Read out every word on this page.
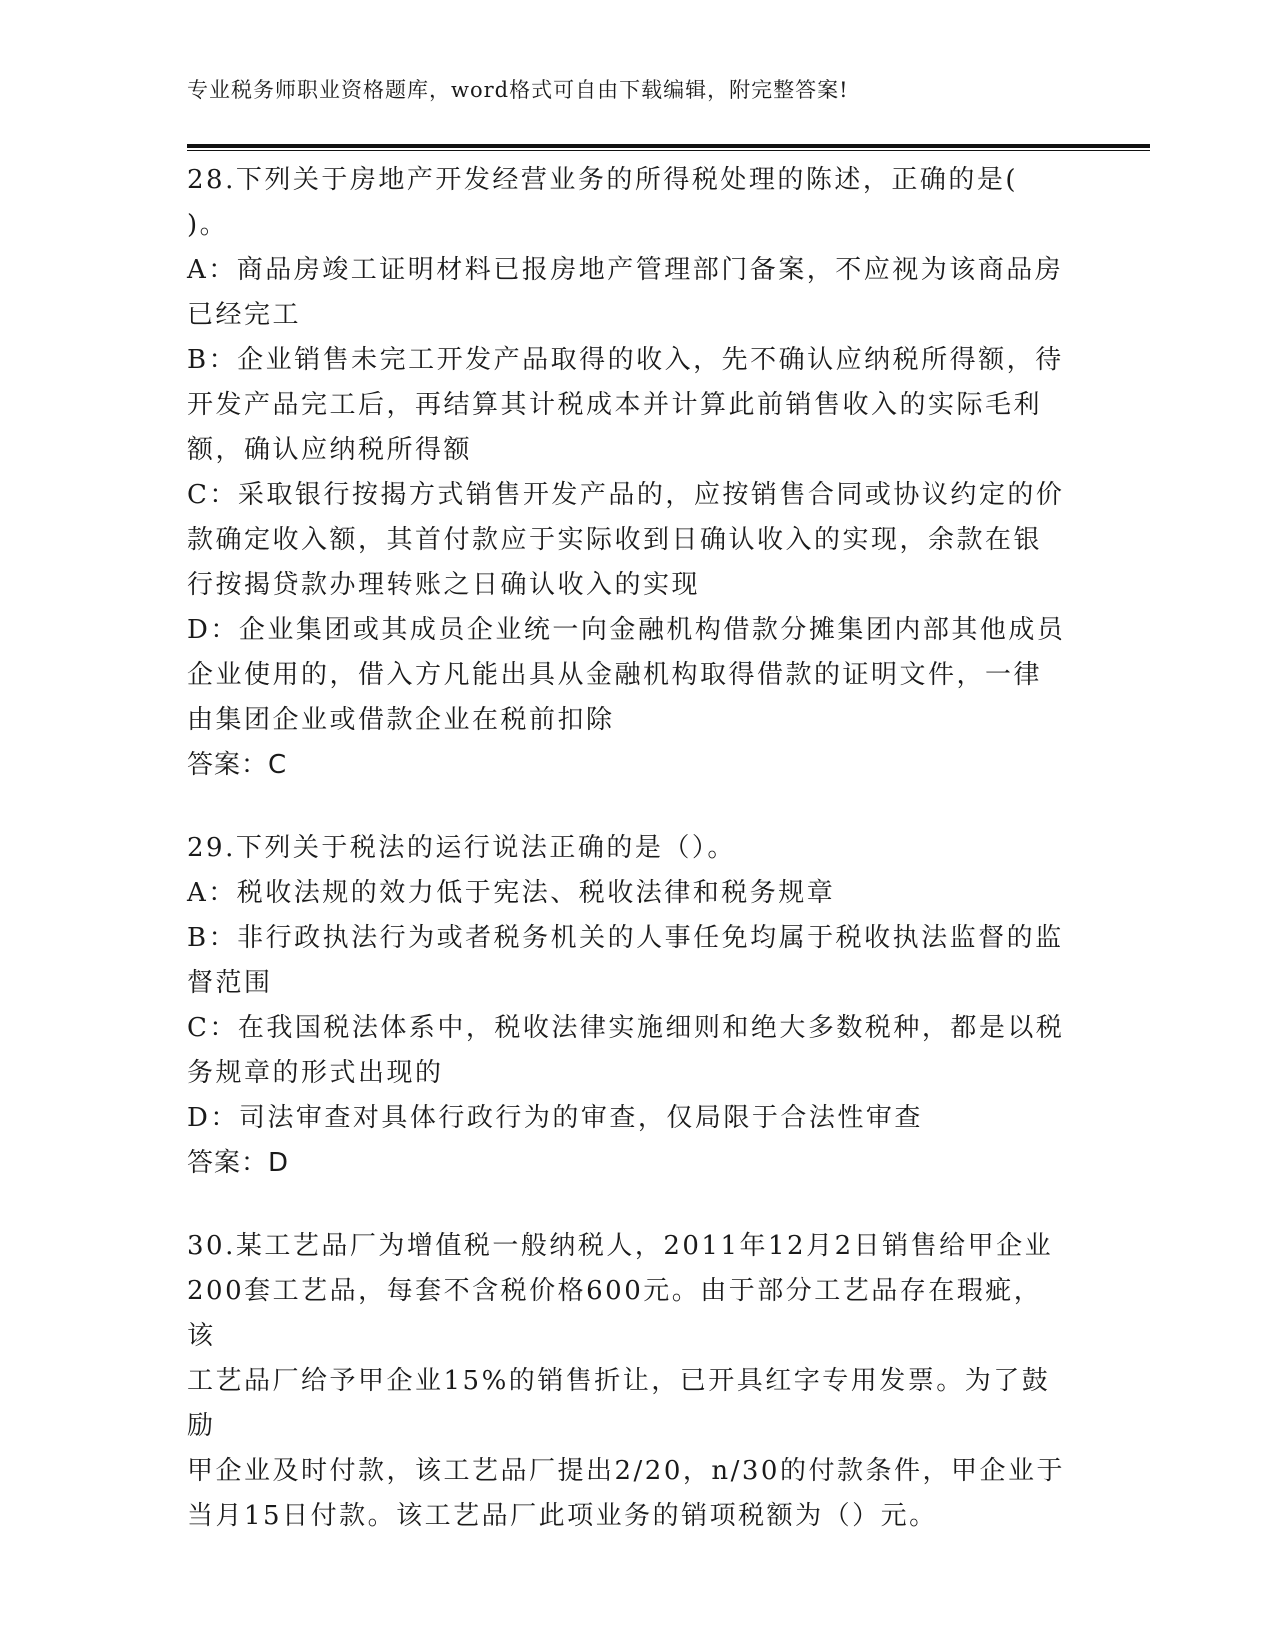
专业税务师职业资格题库，word格式可自由下载编辑，附完整答案!
28.下列关于房地产开发经营业务的所得税处理的陈述，正确的是(
)。
A：商品房竣工证明材料已报房地产管理部门备案，不应视为该商品房
已经完工
B：企业销售未完工开发产品取得的收入，先不确认应纳税所得额，待
开发产品完工后，再结算其计税成本并计算此前销售收入的实际毛利
额，确认应纳税所得额
C：采取银行按揭方式销售开发产品的，应按销售合同或协议约定的价
款确定收入额，其首付款应于实际收到日确认收入的实现，余款在银
行按揭贷款办理转账之日确认收入的实现
D：企业集团或其成员企业统一向金融机构借款分摊集团内部其他成员
企业使用的，借入方凡能出具从金融机构取得借款的证明文件，一律
由集团企业或借款企业在税前扣除
答案：C
29.下列关于税法的运行说法正确的是（）。
A：税收法规的效力低于宪法、税收法律和税务规章
B：非行政执法行为或者税务机关的人事任免均属于税收执法监督的监
督范围
C：在我国税法体系中，税收法律实施细则和绝大多数税种，都是以税
务规章的形式出现的
D：司法审查对具体行政行为的审查，仅局限于合法性审查
答案：D
30.某工艺品厂为增值税一般纳税人，2011年12月2日销售给甲企业
200套工艺品，每套不含税价格600元。由于部分工艺品存在瑕疵，该
工艺品厂给予甲企业15%的销售折让，已开具红字专用发票。为了鼓励
甲企业及时付款，该工艺品厂提出2/20，n/30的付款条件，甲企业于
当月15日付款。该工艺品厂此项业务的销项税额为（）元。
